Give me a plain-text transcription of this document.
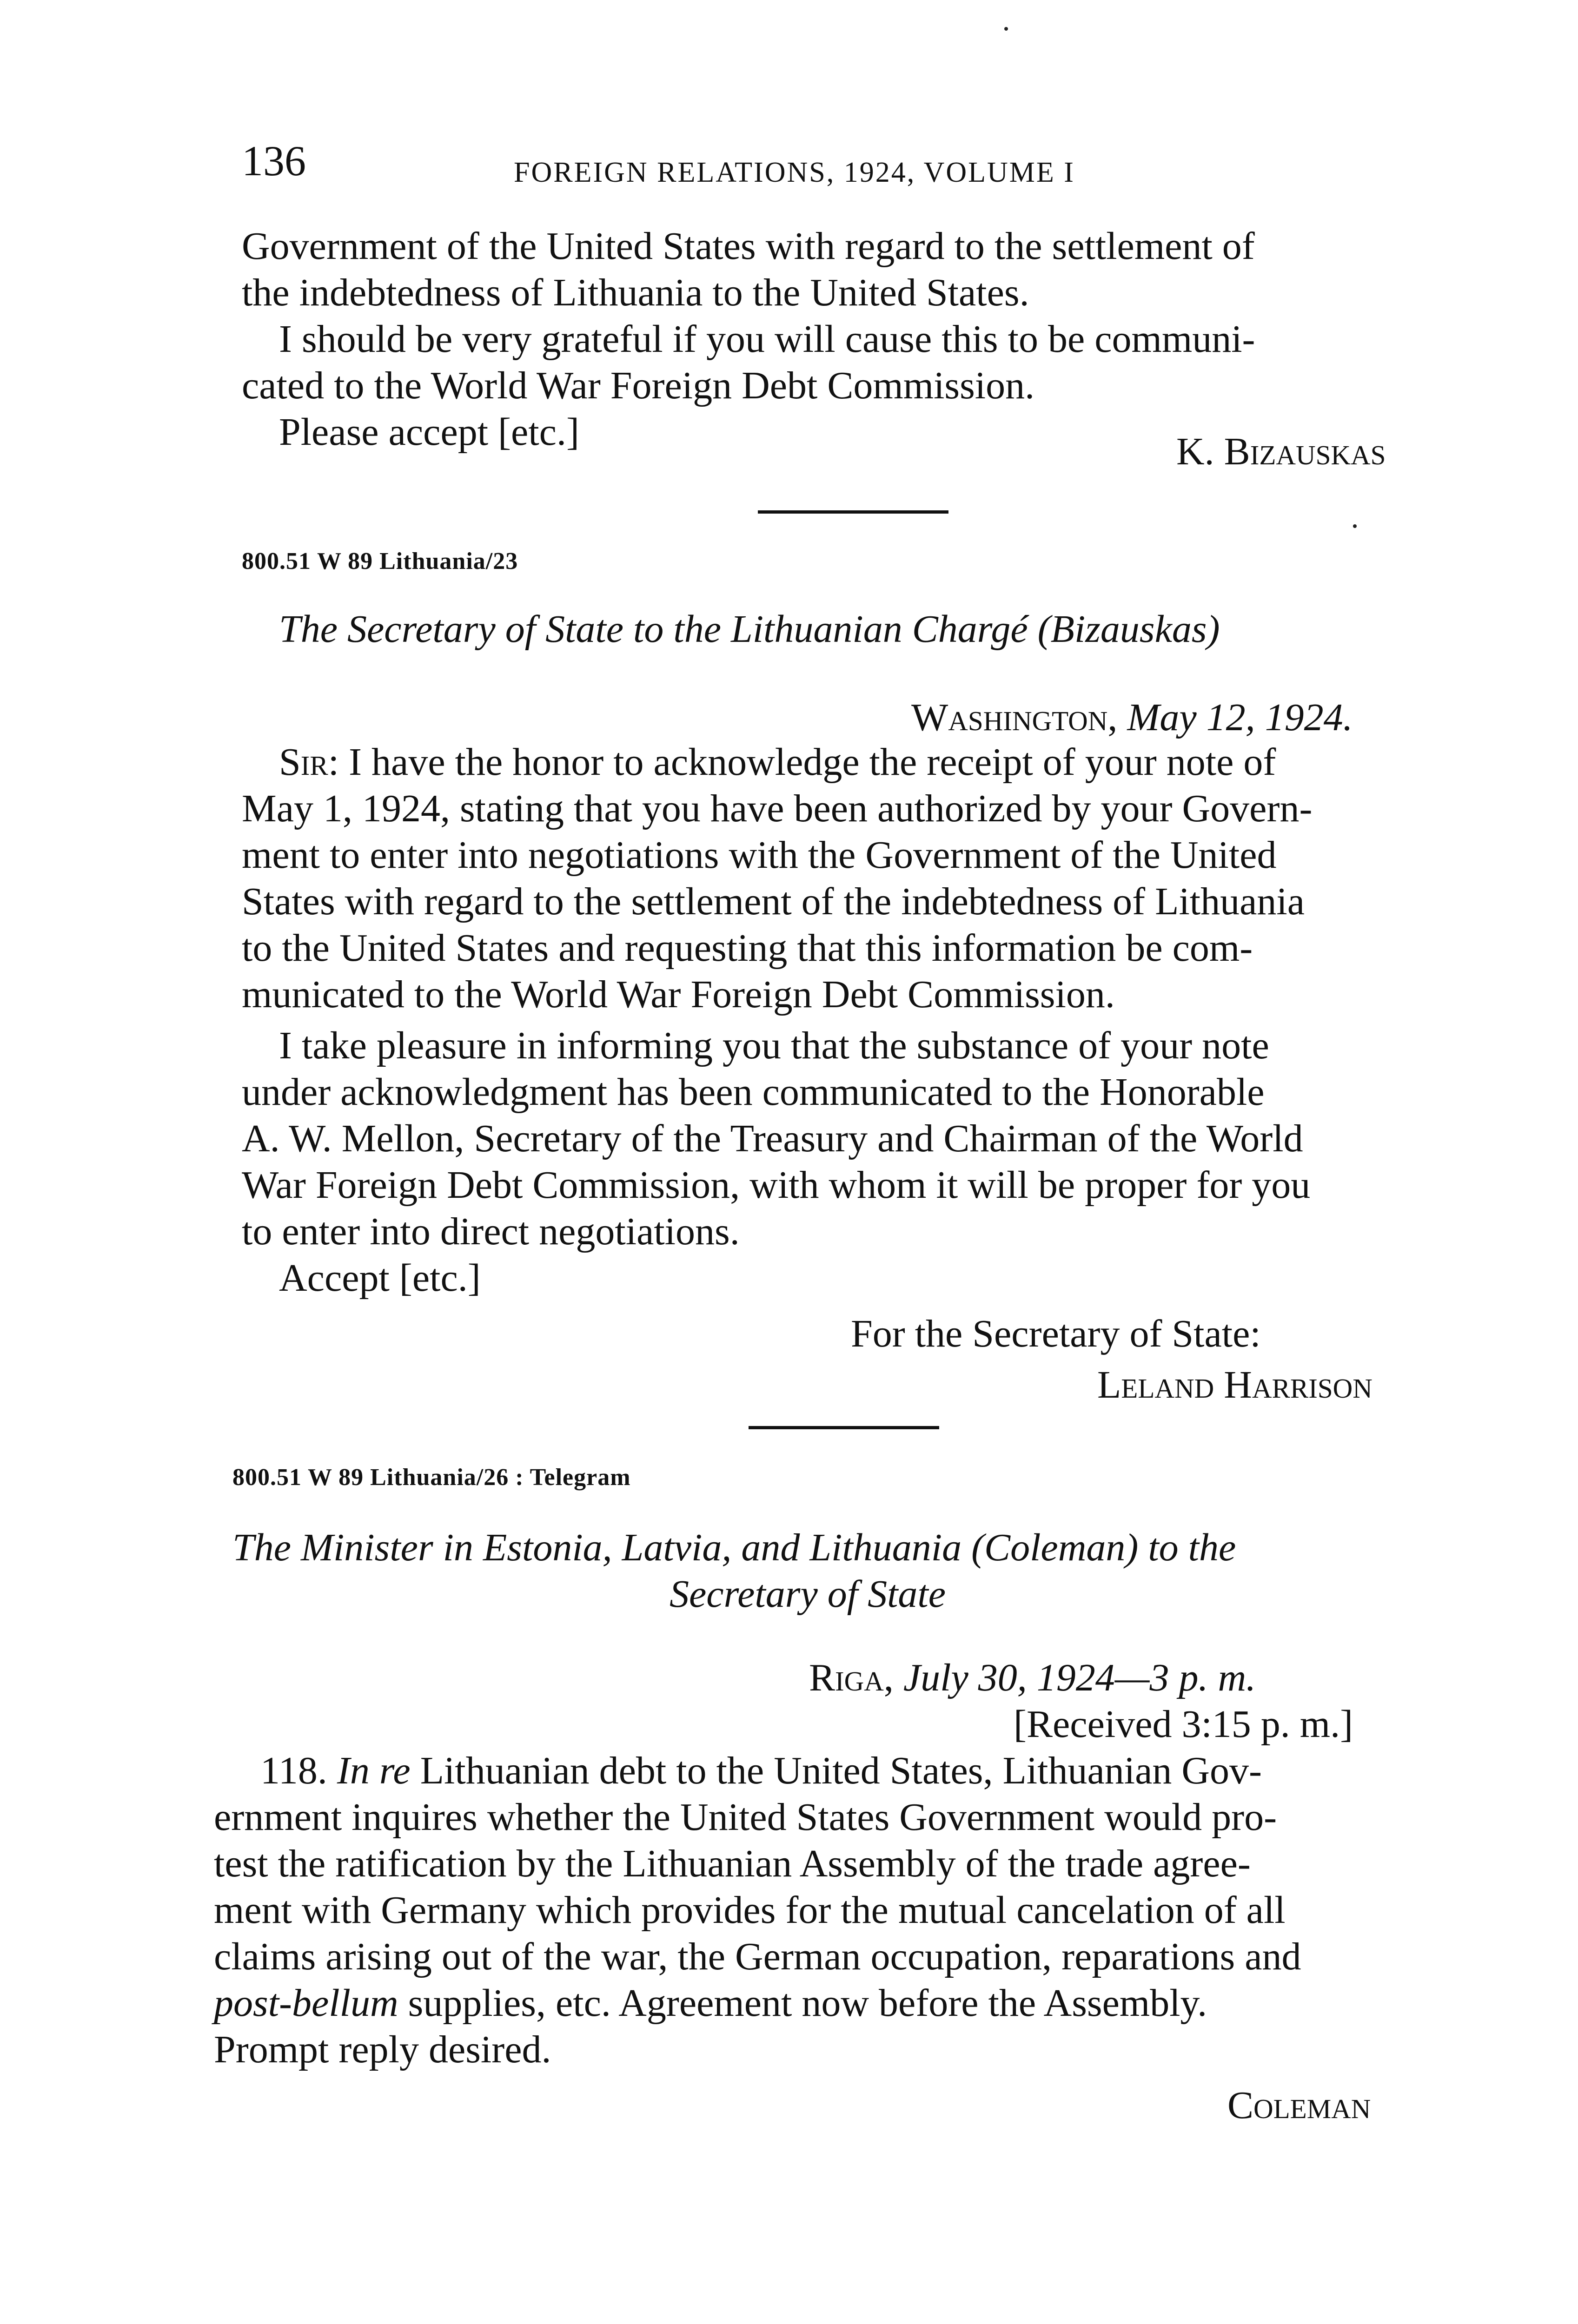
136	FOREIGN RELATIONS, 1924, VOLUME I
Government of the United States with regard to the settlement of
the indebtedness of Lithuania to the United States.
I should be very grateful if you will cause this to be communi-
cated to the World War Foreign Debt Commission.
Please accept [etc.]	K. Bizauskas
800.51 W 89 Lithuania/23
The Secretary of State to the Lithuanian Chargé (Bizauskas)
Washington, May 12, 1924.
Sir: I have the honor to acknowledge the receipt of your note of
May 1, 1924, stating that you have been authorized by your Govern-
ment to enter into negotiations with the Government of the United
States with regard to the settlement of the indebtedness of Lithuania
to the United States and requesting that this information be com-
municated to the World War Foreign Debt Commission.
I take pleasure in informing you that the substance of your note
under acknowledgment has been communicated to the Honorable
A. W. Mellon, Secretary of the Treasury and Chairman of the World
War Foreign Debt Commission, with whom it will be proper for you
to enter into direct negotiations.
Accept [etc.]
For the Secretary of State:
Leland Harrison
800.51 W 89 Lithuania/26 : Telegram
The Minister in Estonia, Latvia, and Lithuania (Coleman) to the
Secretary of State
Riga, July 30, 1924—3 p. m.
[Received 3:15 p. m.]
118. In re Lithuanian debt to the United States, Lithuanian Gov-
ernment inquires whether the United States Government would pro-
test the ratification by the Lithuanian Assembly of the trade agree-
ment with Germany which provides for the mutual cancelation of all
claims arising out of the war, the German occupation, reparations and
post-bellum supplies, etc. Agreement now before the Assembly.
Prompt reply desired.
Coleman
